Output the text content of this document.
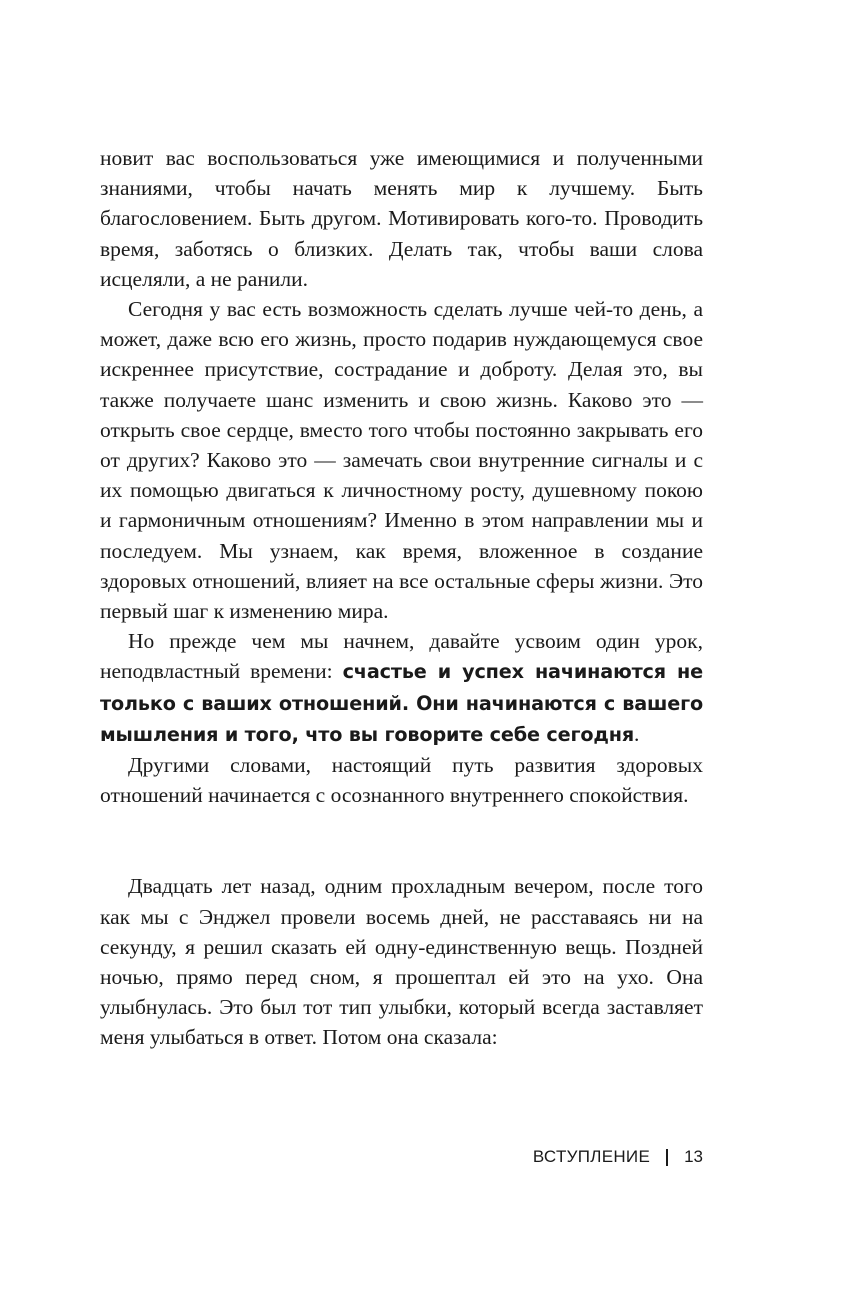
новит вас воспользоваться уже имеющимися и полученными знаниями, чтобы начать менять мир к лучшему. Быть благословением. Быть другом. Мотивировать кого-то. Проводить время, заботясь о близких. Делать так, чтобы ваши слова исцеляли, а не ранили.

Сегодня у вас есть возможность сделать лучше чей-то день, а может, даже всю его жизнь, просто подарив нуждающемуся свое искреннее присутствие, сострадание и доброту. Делая это, вы также получаете шанс изменить и свою жизнь. Каково это — открыть свое сердце, вместо того чтобы постоянно закрывать его от других? Каково это — замечать свои внутренние сигналы и с их помощью двигаться к личностному росту, душевному покою и гармоничным отношениям? Именно в этом направлении мы и последуем. Мы узнаем, как время, вложенное в создание здоровых отношений, влияет на все остальные сферы жизни. Это первый шаг к изменению мира.

Но прежде чем мы начнем, давайте усвоим один урок, неподвластный времени: счастье и успех начинаются не только с ваших отношений. Они начинаются с вашего мышления и того, что вы говорите себе сегодня.

Другими словами, настоящий путь развития здоровых отношений начинается с осознанного внутреннего спокойствия.

Двадцать лет назад, одним прохладным вечером, после того как мы с Энджел провели восемь дней, не расставаясь ни на секунду, я решил сказать ей одну-единственную вещь. Поздней ночью, прямо перед сном, я прошептал ей это на ухо. Она улыбнулась. Это был тот тип улыбки, который всегда заставляет меня улыбаться в ответ. Потом она сказала:

ВСТУПЛЕНИЕ 13
